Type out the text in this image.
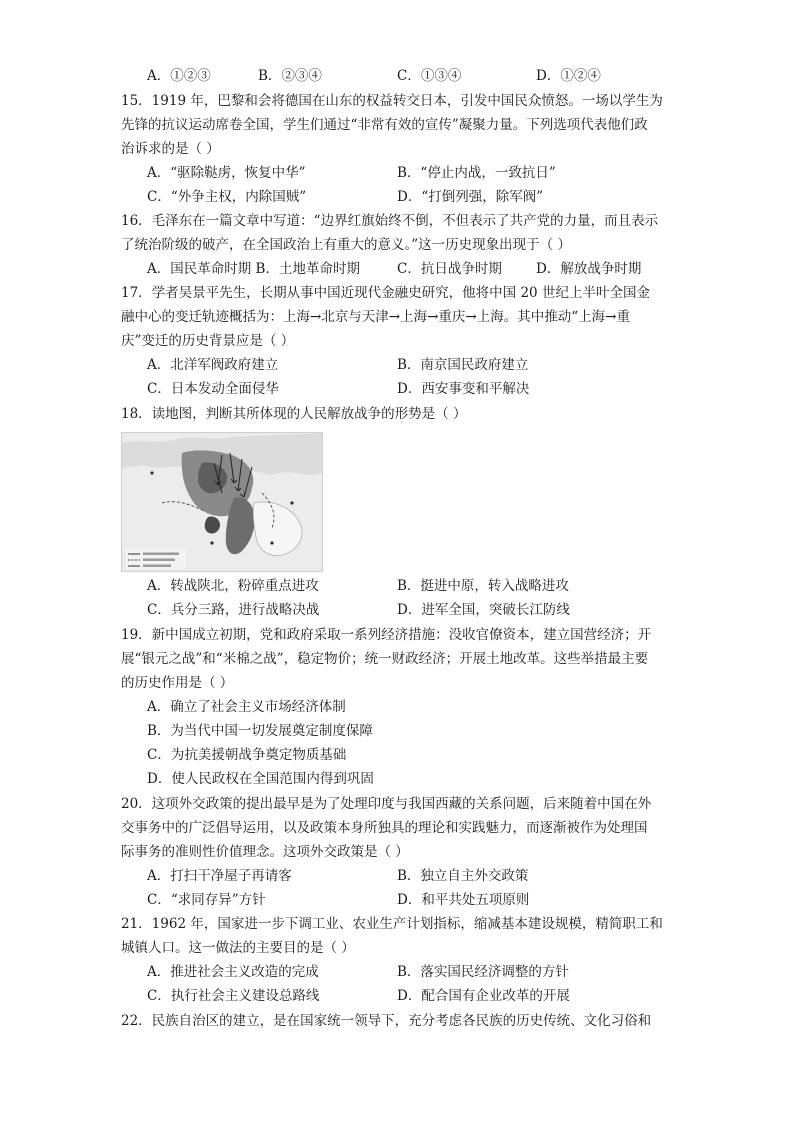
A．①②③	B．②③④	C．①③④	D．①②④
15．1919 年，巴黎和会将德国在山东的权益转交日本，引发中国民众愤怒。一场以学生为
先锋的抗议运动席卷全国，学生们通过“非常有效的宣传”凝聚力量。下列选项代表他们政
治诉求的是（ ）
A．“驱除鞑虏，恢复中华”	B．“停止内战，一致抗日”
C．“外争主权，内除国贼”	D．“打倒列强，除军阀”
16．毛泽东在一篇文章中写道：“边界红旗始终不倒，不但表示了共产党的力量，而且表示
了统治阶级的破产，在全国政治上有重大的意义。”这一历史现象出现于（ ）
A．国民革命时期 B．土地革命时期	C．抗日战争时期	D．解放战争时期
17．学者吴景平先生，长期从事中国近现代金融史研究，他将中国 20 世纪上半叶全国金
融中心的变迁轨迹概括为：上海→北京与天津→上海→重庆→上海。其中推动“上海→重
庆”变迁的历史背景应是（ ）
A．北洋军阀政府建立	B．南京国民政府建立
C．日本发动全面侵华	D．西安事变和平解决
18．读地图，判断其所体现的人民解放战争的形势是（ ）
A．转战陕北，粉碎重点进攻	B．挺进中原，转入战略进攻
C．兵分三路，进行战略决战	D．进军全国，突破长江防线
19．新中国成立初期，党和政府采取一系列经济措施：没收官僚资本，建立国营经济；开
展“银元之战”和“米棉之战”，稳定物价；统一财政经济；开展土地改革。这些举措最主要
的历史作用是（ ）
A．确立了社会主义市场经济体制
B．为当代中国一切发展奠定制度保障
C．为抗美援朝战争奠定物质基础
D．使人民政权在全国范围内得到巩固
20．这项外交政策的提出最早是为了处理印度与我国西藏的关系问题，后来随着中国在外
交事务中的广泛倡导运用，以及政策本身所独具的理论和实践魅力，而逐渐被作为处理国
际事务的准则性价值理念。这项外交政策是（ ）
A．打扫干净屋子再请客	B．独立自主外交政策
C．“求同存异”方针	D．和平共处五项原则
21．1962 年，国家进一步下调工业、农业生产计划指标，缩减基本建设规模，精简职工和
城镇人口。这一做法的主要目的是（ ）
A．推进社会主义改造的完成	B．落实国民经济调整的方针
C．执行社会主义建设总路线	D．配合国有企业改革的开展
22．民族自治区的建立，是在国家统一领导下，充分考虑各民族的历史传统、文化习俗和
